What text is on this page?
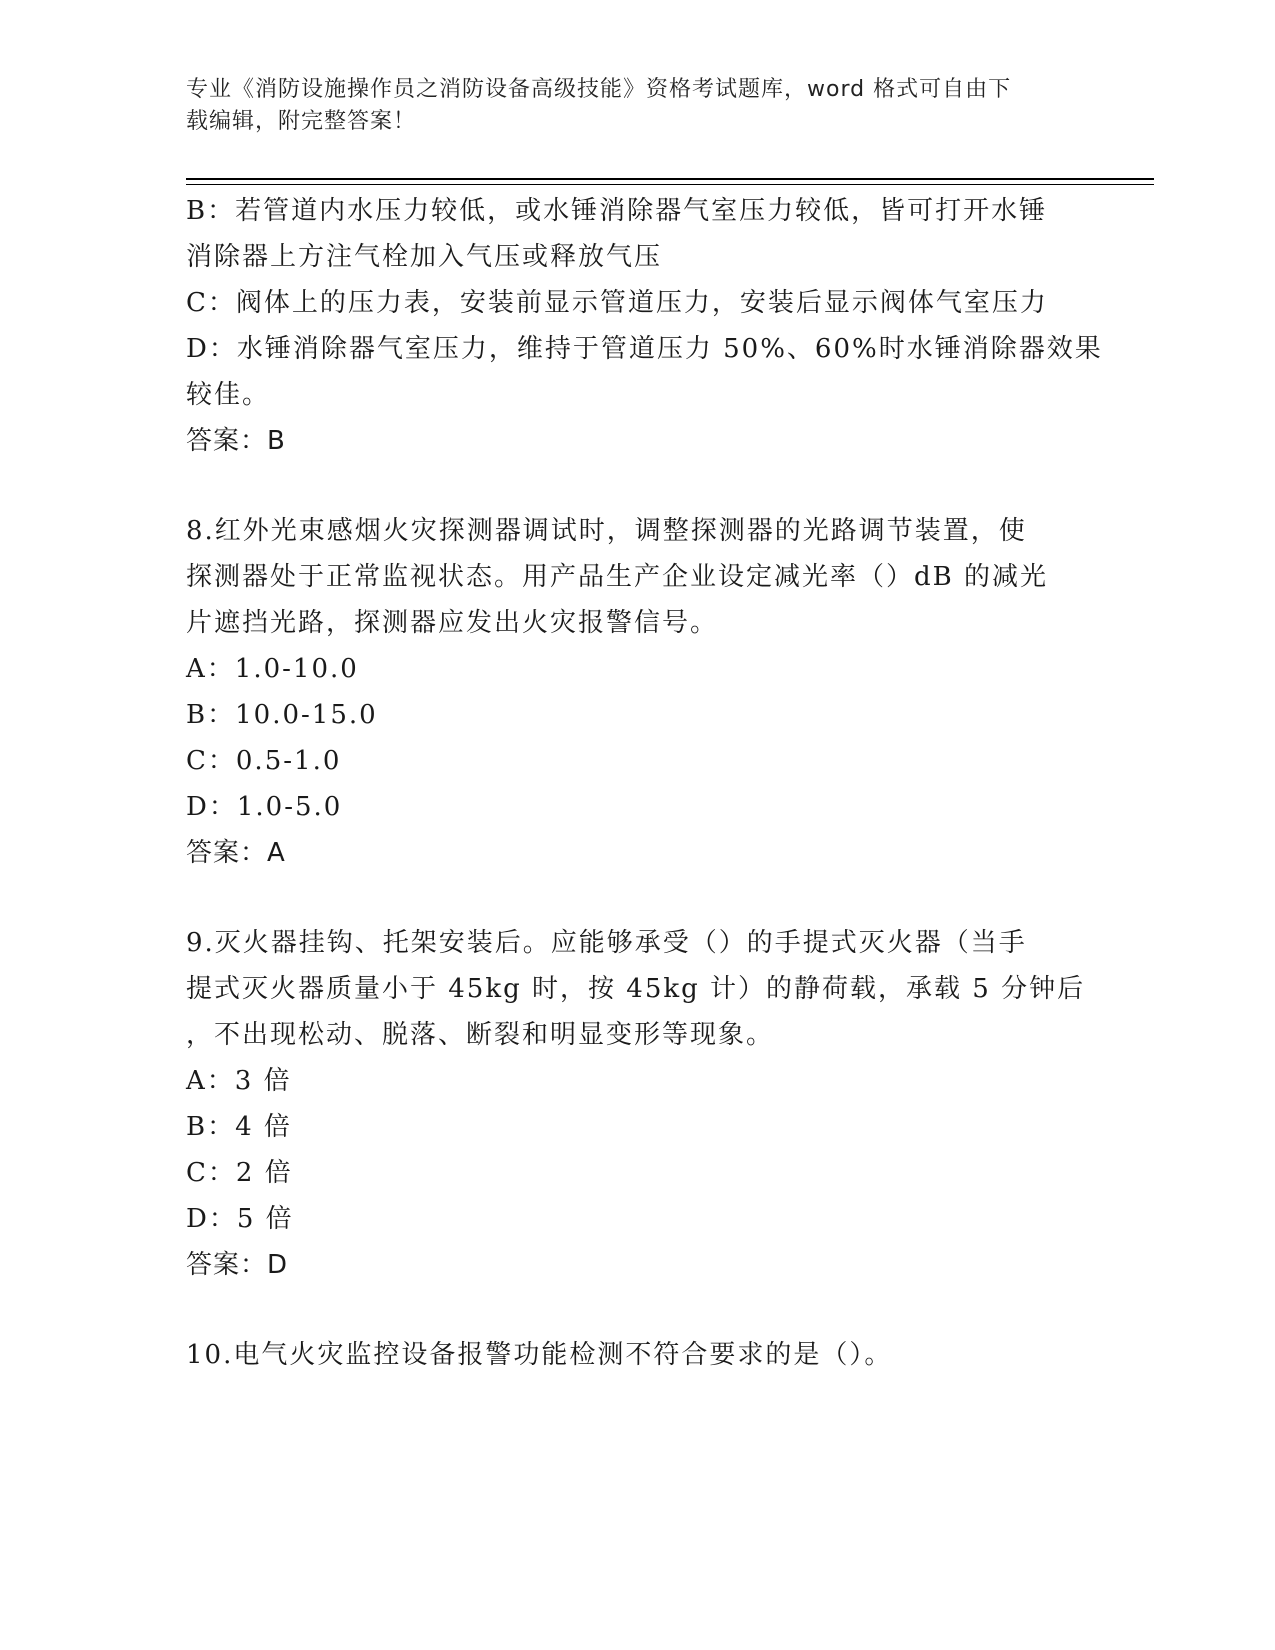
专业《消防设施操作员之消防设备高级技能》资格考试题库，word 格式可自由下
载编辑，附完整答案！
B：若管道内水压力较低，或水锤消除器气室压力较低，皆可打开水锤
消除器上方注气栓加入气压或释放气压
C：阀体上的压力表，安装前显示管道压力，安装后显示阀体气室压力
D：水锤消除器气室压力，维持于管道压力 50%、60%时水锤消除器效果
较佳。
答案：B
8.红外光束感烟火灾探测器调试时，调整探测器的光路调节装置，使
探测器处于正常监视状态。用产品生产企业设定减光率（）dB 的减光
片遮挡光路，探测器应发出火灾报警信号。
A：1.0-10.0
B：10.0-15.0
C：0.5-1.0
D：1.0-5.0
答案：A
9.灭火器挂钩、托架安装后。应能够承受（）的手提式灭火器（当手
提式灭火器质量小于 45kg 时，按 45kg 计）的静荷载，承载 5 分钟后
，不出现松动、脱落、断裂和明显变形等现象。
A：3 倍
B：4 倍
C：2 倍
D：5 倍
答案：D
10.电气火灾监控设备报警功能检测不符合要求的是（）。
